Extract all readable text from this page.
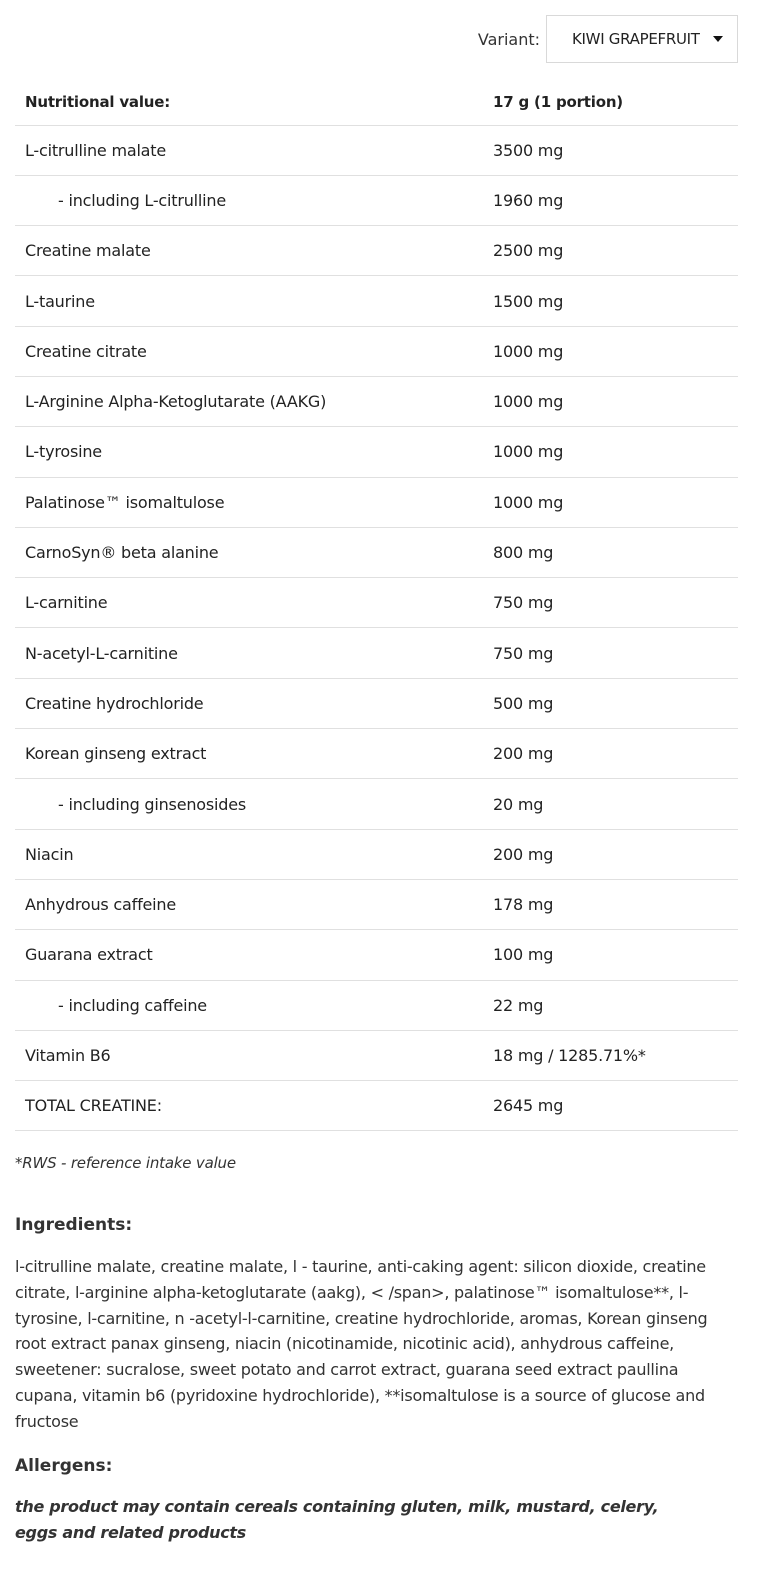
Variant: KIWI GRAPEFRUIT
Nutritional value:	17 g (1 portion)
L-citrulline malate	3500 mg
- including L-citrulline	1960 mg
Creatine malate	2500 mg
L-taurine	1500 mg
Creatine citrate	1000 mg
L-Arginine Alpha-Ketoglutarate (AAKG)	1000 mg
L-tyrosine	1000 mg
Palatinose™ isomaltulose	1000 mg
CarnoSyn® beta alanine	800 mg
L-carnitine	750 mg
N-acetyl-L-carnitine	750 mg
Creatine hydrochloride	500 mg
Korean ginseng extract	200 mg
- including ginsenosides	20 mg
Niacin	200 mg
Anhydrous caffeine	178 mg
Guarana extract	100 mg
- including caffeine	22 mg
Vitamin B6	18 mg / 1285.71%*
TOTAL CREATINE:	2645 mg
*RWS - reference intake value
Ingredients:
l-citrulline malate, creatine malate, l - taurine, anti-caking agent: silicon dioxide, creatine citrate, l-arginine alpha-ketoglutarate (aakg), < /span>, palatinose™ isomaltulose**, l-tyrosine, l-carnitine, n -acetyl-l-carnitine, creatine hydrochloride, aromas, Korean ginseng root extract panax ginseng, niacin (nicotinamide, nicotinic acid), anhydrous caffeine, sweetener: sucralose, sweet potato and carrot extract, guarana seed extract paullina cupana, vitamin b6 (pyridoxine hydrochloride), **isomaltulose is a source of glucose and fructose
Allergens:
the product may contain cereals containing gluten, milk, mustard, celery, eggs and related products
